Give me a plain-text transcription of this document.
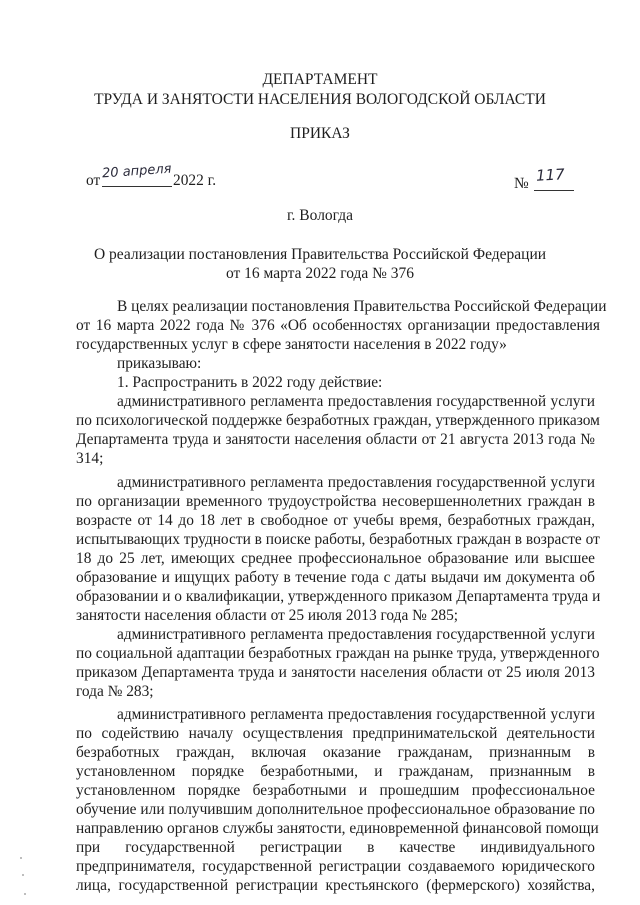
ДЕПАРТАМЕНТ
ТРУДА И ЗАНЯТОСТИ НАСЕЛЕНИЯ ВОЛОГОДСКОЙ ОБЛАСТИ
ПРИКАЗ
от 20 апреля 2022 г.	№ 117
г. Вологда
О реализации постановления Правительства Российской Федерации
от 16 марта 2022 года № 376
В целях реализации постановления Правительства Российской Федерации
от 16 марта 2022 года № 376 «Об особенностях организации предоставления
государственных услуг в сфере занятости населения в 2022 году»
приказываю:
1. Распространить в 2022 году действие:
административного регламента предоставления государственной услуги
по психологической поддержке безработных граждан, утвержденного приказом
Департамента труда и занятости населения области от 21 августа 2013 года №
314;
административного регламента предоставления государственной услуги
по организации временного трудоустройства несовершеннолетних граждан в
возрасте от 14 до 18 лет в свободное от учебы время, безработных граждан,
испытывающих трудности в поиске работы, безработных граждан в возрасте от
18 до 25 лет, имеющих среднее профессиональное образование или высшее
образование и ищущих работу в течение года с даты выдачи им документа об
образовании и о квалификации, утвержденного приказом Департамента труда и
занятости населения области от 25 июля 2013 года № 285;
административного регламента предоставления государственной услуги
по социальной адаптации безработных граждан на рынке труда, утвержденного
приказом Департамента труда и занятости населения области от 25 июля 2013
года № 283;
административного регламента предоставления государственной услуги
по содействию началу осуществления предпринимательской деятельности
безработных граждан, включая оказание гражданам, признанным в
установленном порядке безработными, и гражданам, признанным в
установленном порядке безработными и прошедшим профессиональное
обучение или получившим дополнительное профессиональное образование по
направлению органов службы занятости, единовременной финансовой помощи
при государственной регистрации в качестве индивидуального
предпринимателя, государственной регистрации создаваемого юридического
лица, государственной регистрации крестьянского (фермерского) хозяйства,
